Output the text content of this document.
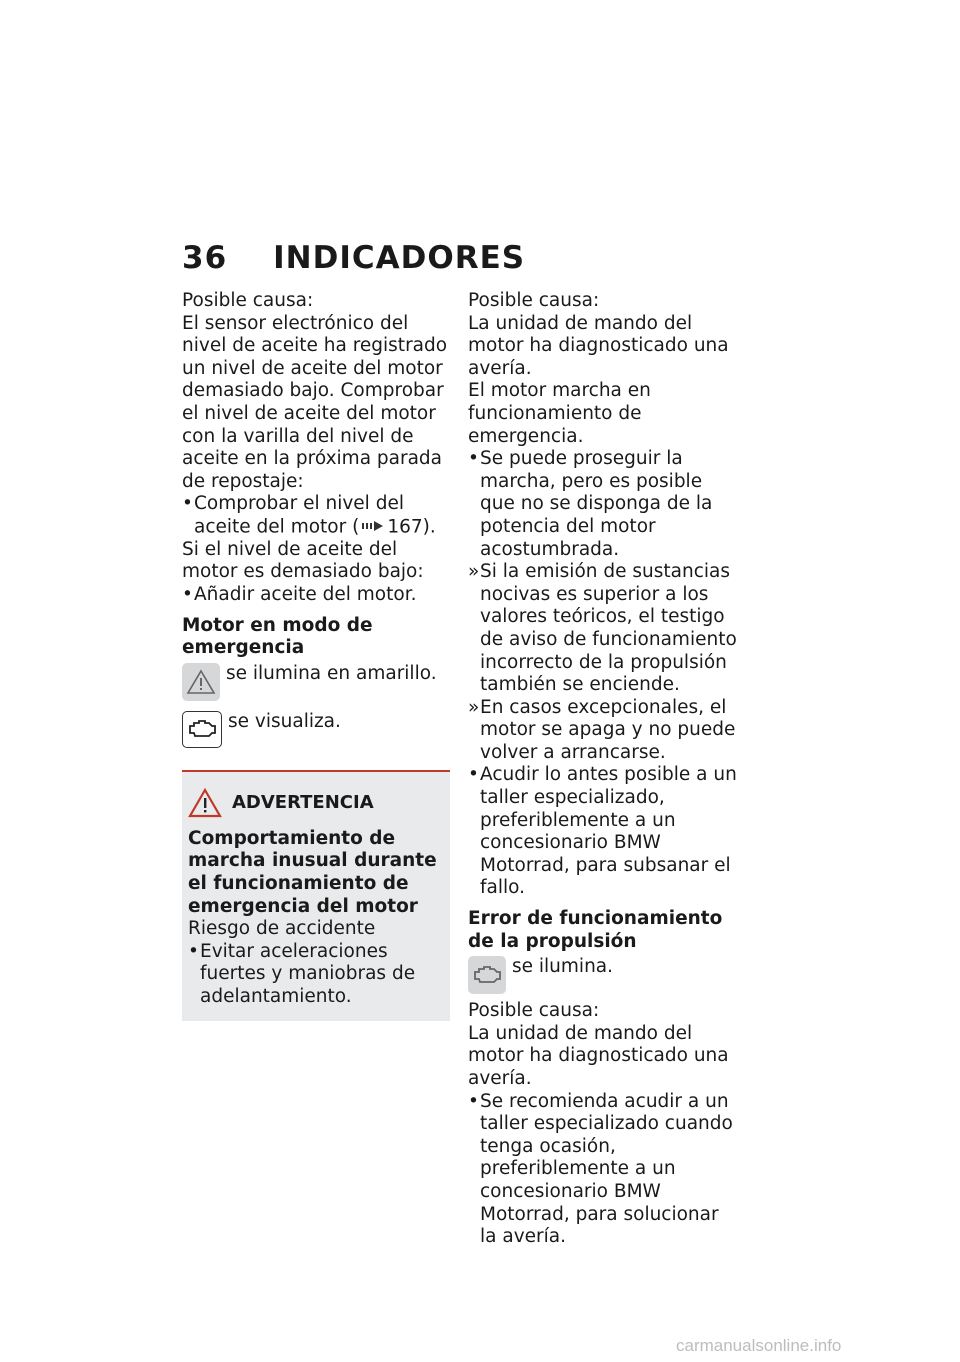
36 INDICADORES

Posible causa:

El sensor electrónico del nivel de aceite ha registrado un nivel de aceite del motor demasiado bajo. Comprobar el nivel de aceite del motor con la varilla del nivel de aceite en la próxima parada de repostaje:

• Comprobar el nivel del aceite del motor ( 167).

Si el nivel de aceite del motor es demasiado bajo:

• Añadir aceite del motor.

Motor en modo de emergencia

se ilumina en amarillo.
se visualiza.
ADVERTENCIA

Comportamiento de marcha inusual durante el funcionamiento de emergencia del motor

Riesgo de accidente

• Evitar aceleraciones fuertes y maniobras de adelantamiento.

Posible causa:

La unidad de mando del motor ha diagnosticado una avería.

El motor marcha en funcionamiento de emergencia.

• Se puede proseguir la marcha, pero es posible que no se disponga de la potencia del motor acostumbrada.
» Si la emisión de sustancias nocivas es superior a los valores teóricos, el testigo de aviso de funcionamiento incorrecto de la propulsión también se enciende.
» En casos excepcionales, el motor se apaga y no puede volver a arrancarse.
• Acudir lo antes posible a un taller especializado, preferiblemente a un concesionario BMW Motorrad, para subsanar el fallo.

Error de funcionamiento de la propulsión

se ilumina.

Posible causa:

La unidad de mando del motor ha diagnosticado una avería.

• Se recomienda acudir a un taller especializado cuando tenga ocasión, preferiblemente a un concesionario BMW Motorrad, para solucionar la avería.
carmanualsonline.info
